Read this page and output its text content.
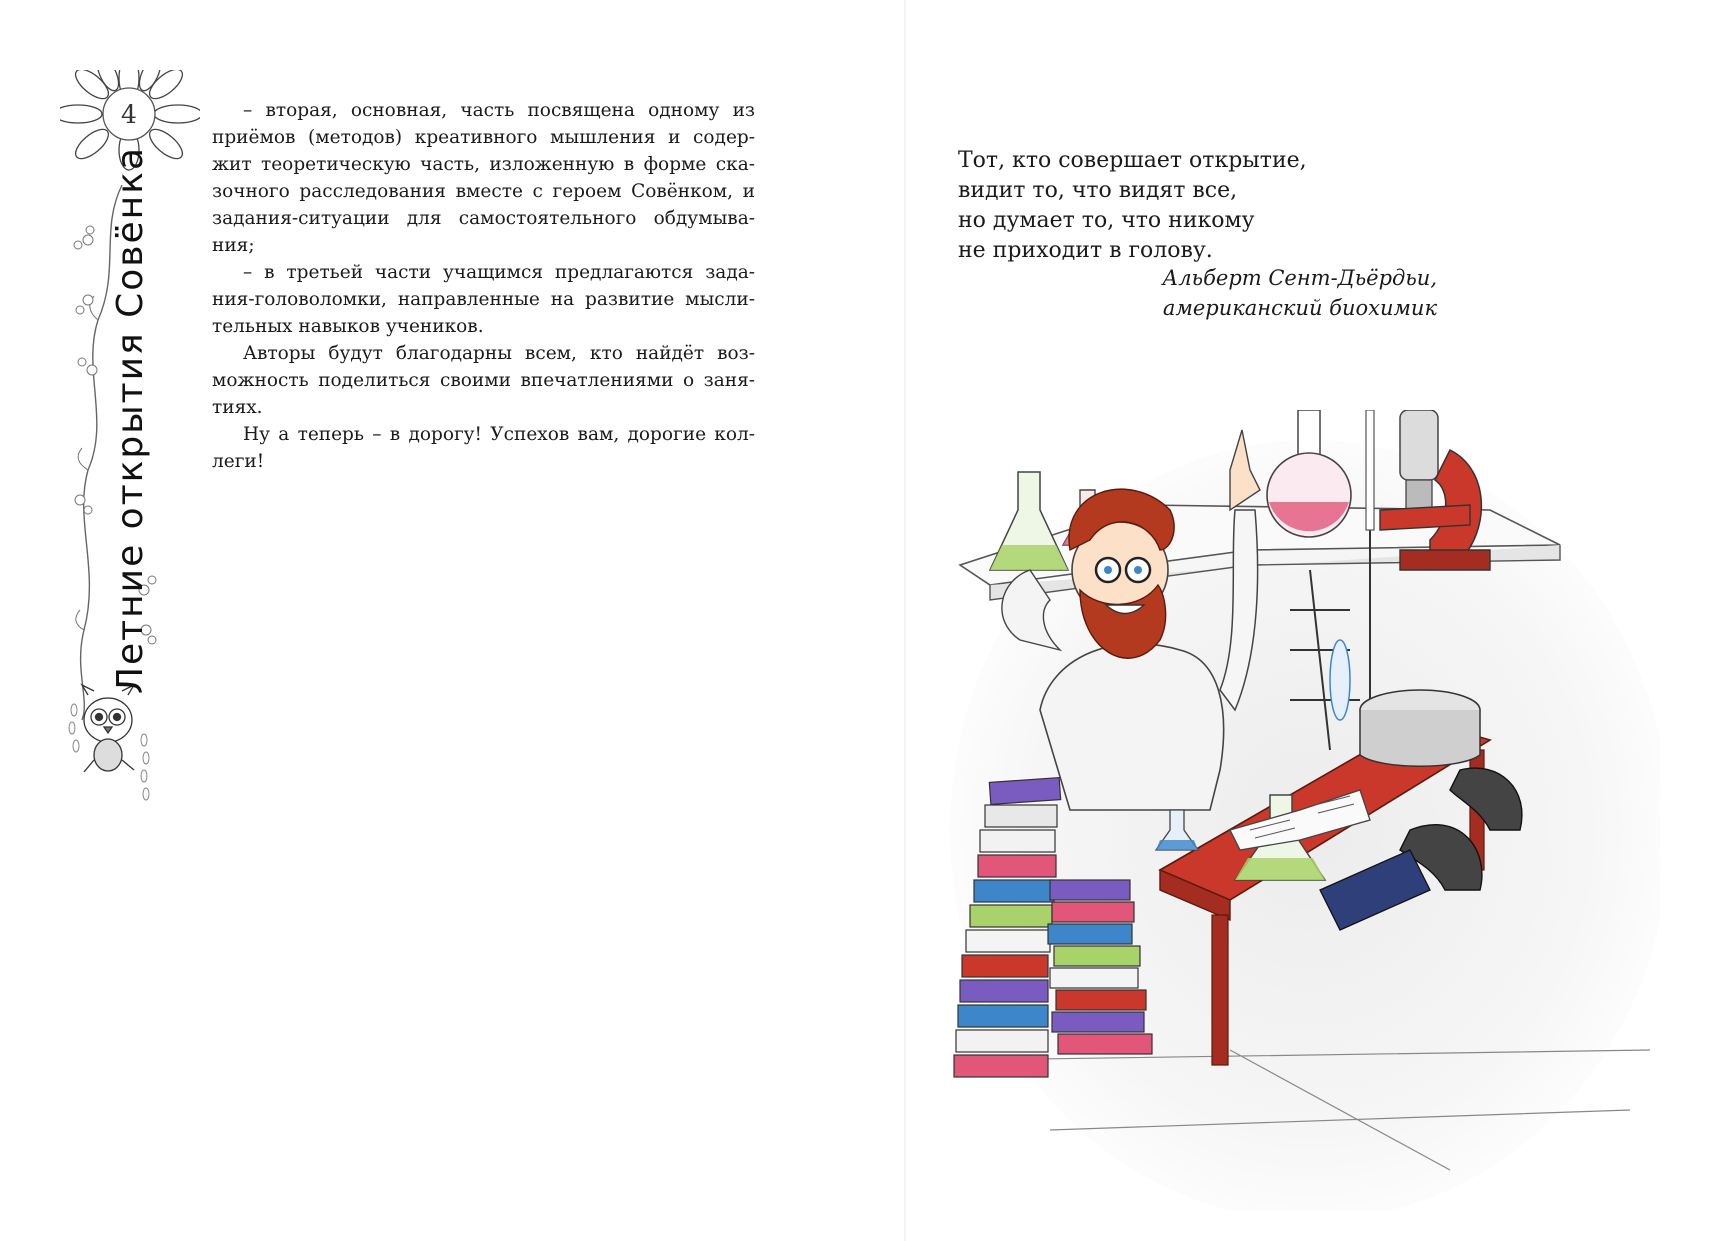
4
Летние открытия Совёнка
– вторая, основная, часть посвящена одному из
приёмов (методов) креативного мышления и содер-
жит теоретическую часть, изложенную в форме ска-
зочного расследования вместе с героем Совёнком, и
задания-ситуации для самостоятельного обдумыва-
ния;
– в третьей части учащимся предлагаются зада-
ния-головоломки, направленные на развитие мысли-
тельных навыков учеников.
Авторы будут благодарны всем, кто найдёт воз-
можность поделиться своими впечатлениями о заня-
тиях.
Ну а теперь – в дорогу! Успехов вам, дорогие кол-
леги!
Тот, кто совершает открытие,
видит то, что видят все,
но думает то, что никому
не приходит в голову.
Альберт Сент-Дьёрдьи,
американский биохимик
